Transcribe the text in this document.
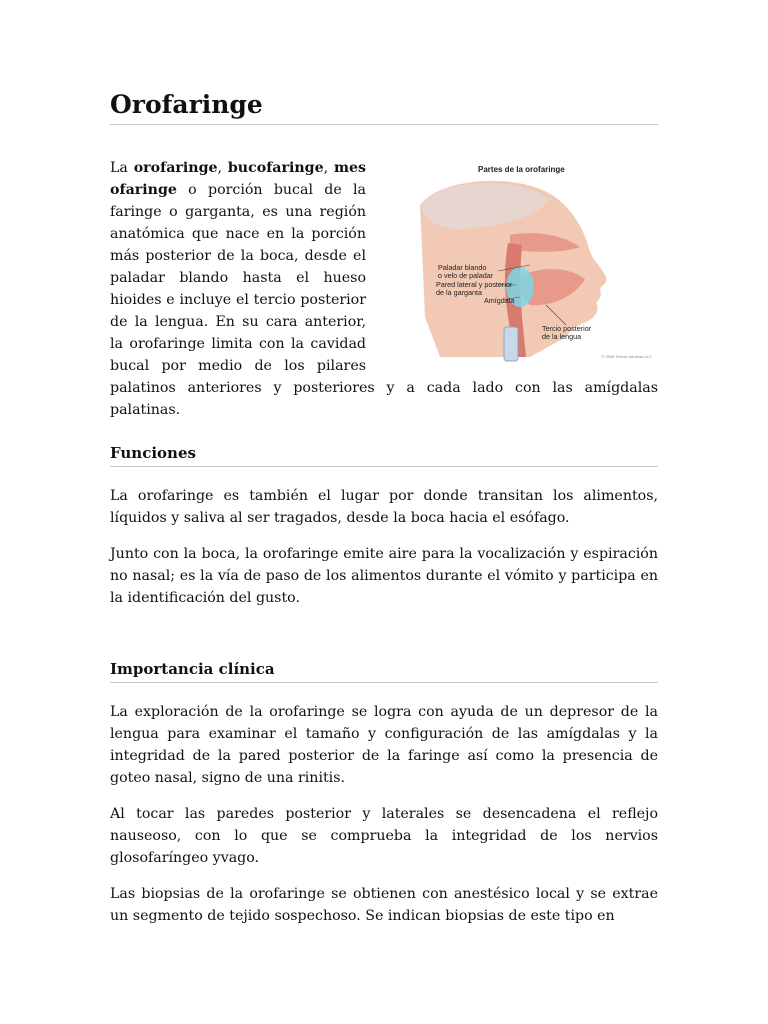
Orofaringe
Partes de la orofaringe
Paladar blando
o velo de paladar
Pared lateral y posterior
de la garganta
Amígdala
Tercio posterior
de la lengua
© 2008 Terese Winslow LLC

La orofaringe, bucofaringe, mes ofaringe o porción bucal de la faringe o garganta, es una región anatómica que nace en la porción más posterior de la boca, desde el paladar blando hasta el hueso hioides e incluye el tercio posterior de la lengua. En su cara anterior, la orofaringe limita con la cavidad bucal por medio de los pilares palatinos anteriores y posteriores y a cada lado con las amígdalas palatinas.

Funciones

La orofaringe es también el lugar por donde transitan los alimentos, líquidos y saliva al ser tragados, desde la boca hacia el esófago.

Junto con la boca, la orofaringe emite aire para la vocalización y espiración no nasal; es la vía de paso de los alimentos durante el vómito y participa en la identificación del gusto.

Importancia clínica

La exploración de la orofaringe se logra con ayuda de un depresor de la lengua para examinar el tamaño y configuración de las amígdalas y la integridad de la pared posterior de la faringe así como la presencia de goteo nasal, signo de una rinitis.

Al tocar las paredes posterior y laterales se desencadena el reflejo nauseoso, con lo que se comprueba la integridad de los nervios glosofaríngeo yvago.

Las biopsias de la orofaringe se obtienen con anestésico local y se extrae un segmento de tejido sospechoso. Se indican biopsias de este tipo en
